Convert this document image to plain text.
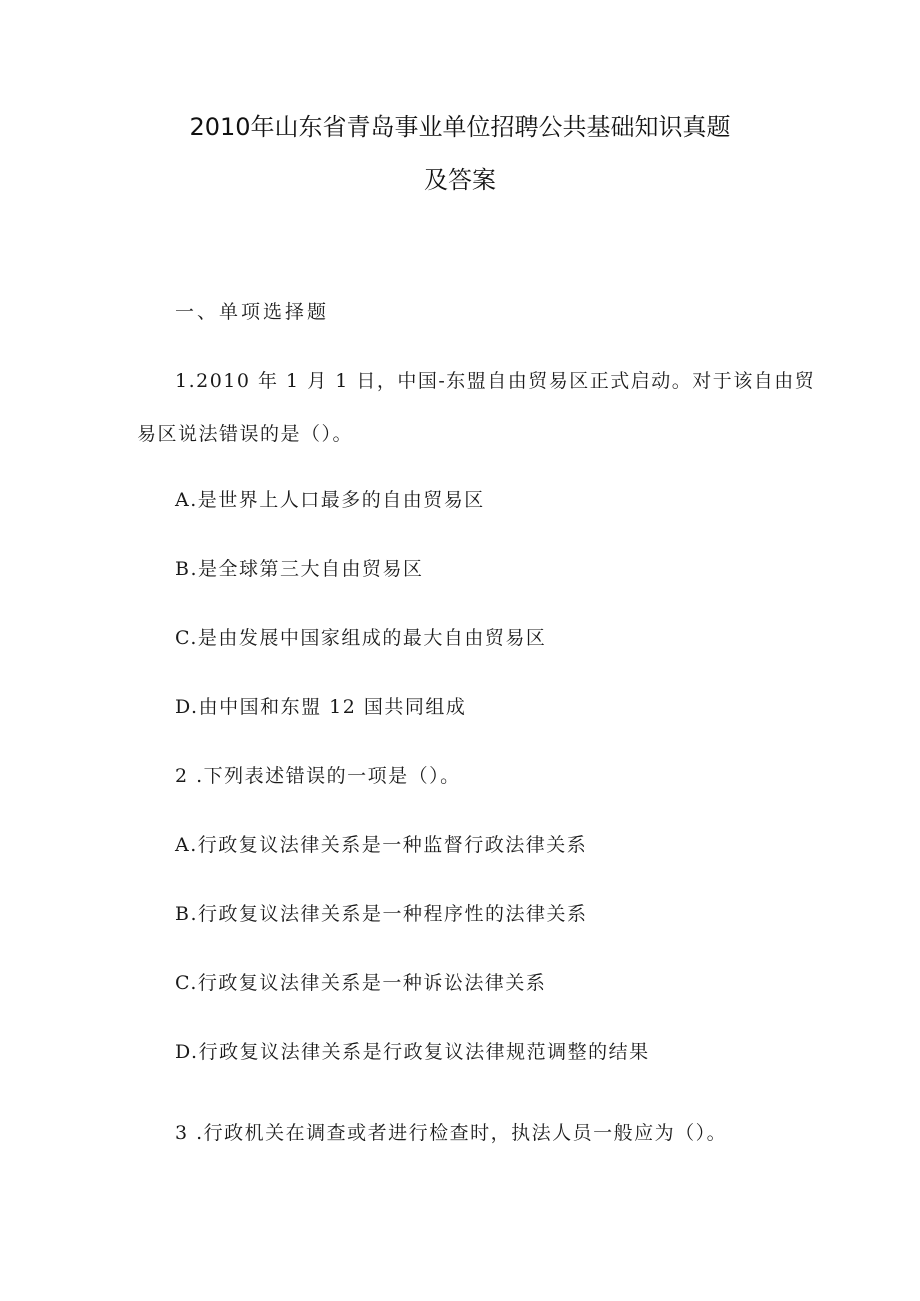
2010年山东省青岛事业单位招聘公共基础知识真题
及答案
一、单项选择题
1.2010 年 1 月 1 日，中国-东盟自由贸易区正式启动。对于该自由贸
易区说法错误的是（）。
A.是世界上人口最多的自由贸易区
B.是全球第三大自由贸易区
C.是由发展中国家组成的最大自由贸易区
D.由中国和东盟 12 国共同组成
2 .下列表述错误的一项是（）。
A.行政复议法律关系是一种监督行政法律关系
B.行政复议法律关系是一种程序性的法律关系
C.行政复议法律关系是一种诉讼法律关系
D.行政复议法律关系是行政复议法律规范调整的结果
3 .行政机关在调查或者进行检查时，执法人员一般应为（）。
